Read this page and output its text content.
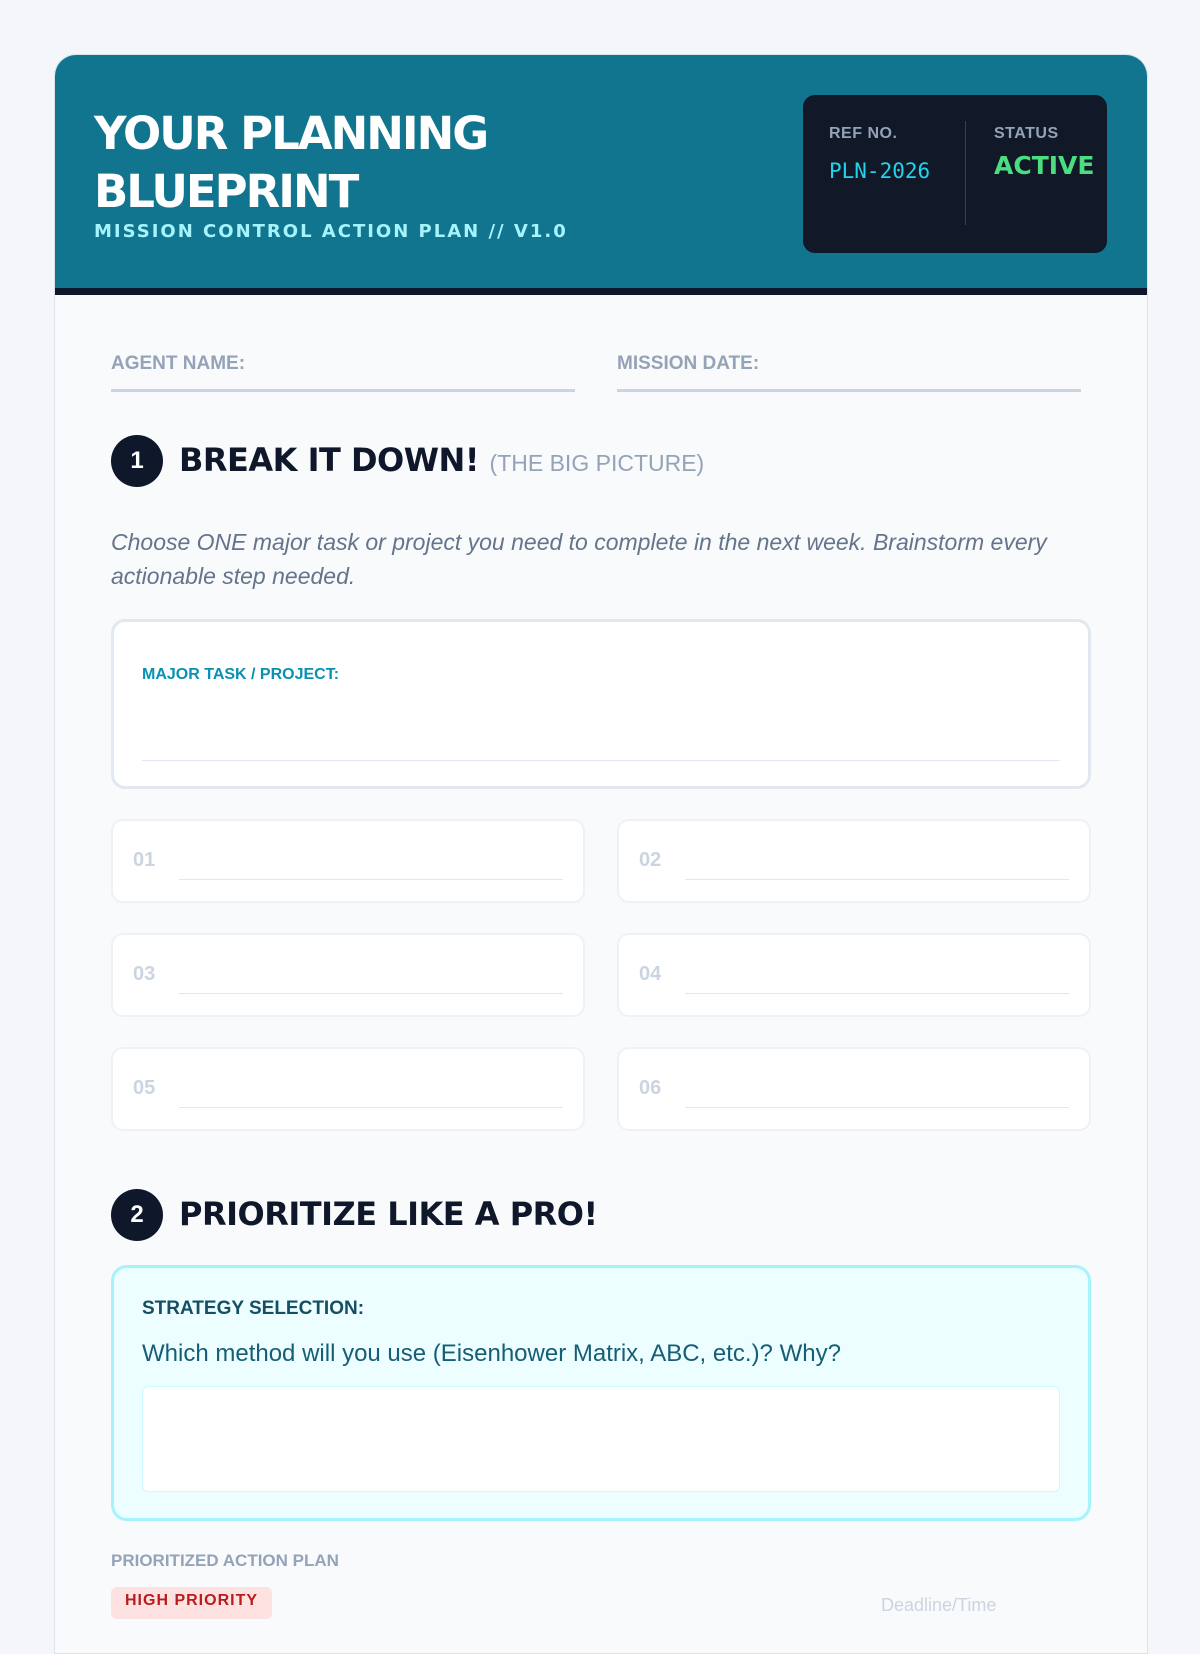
YOUR PLANNING BLUEPRINT
MISSION CONTROL ACTION PLAN // V1.0
REF NO.
PLN-2026
STATUS
ACTIVE
AGENT NAME:	MISSION DATE:
1	BREAK IT DOWN! (THE BIG PICTURE)

Choose ONE major task or project you need to complete in the next week. Brainstorm every actionable step needed.

MAJOR TASK / PROJECT:
01	02
03	04
05	06
2	PRIORITIZE LIKE A PRO!
STRATEGY SELECTION:
Which method will you use (Eisenhower Matrix, ABC, etc.)? Why?
PRIORITIZED ACTION PLAN
HIGH PRIORITY	Deadline/Time
